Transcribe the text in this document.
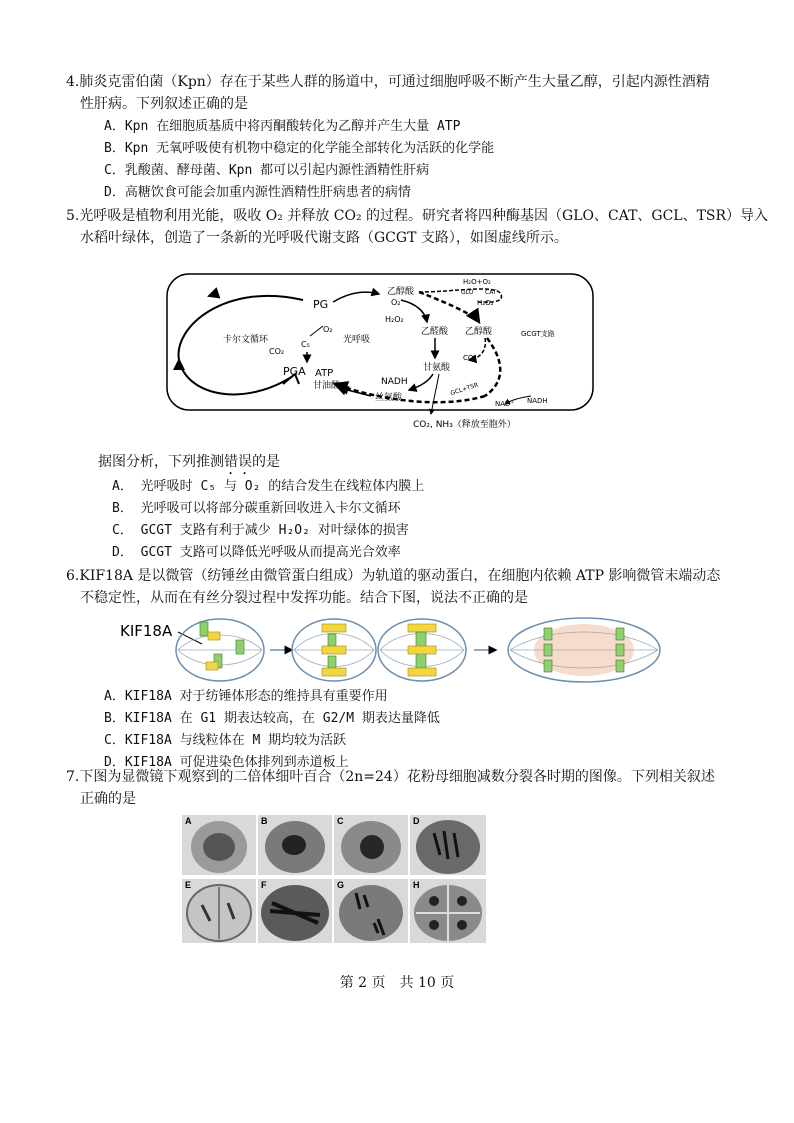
4.肺炎克雷伯菌（Kpn）存在于某些人群的肠道中，可通过细胞呼吸不断产生大量乙醇，引起内源性酒精
性肝病。下列叙述正确的是
A．Kpn 在细胞质基质中将丙酮酸转化为乙醇并产生大量 ATP
B．Kpn 无氧呼吸使有机物中稳定的化学能全部转化为活跃的化学能
C．乳酸菌、酵母菌、Kpn 都可以引起内源性酒精性肝病
D．高糖饮食可能会加重内源性酒精性肝病患者的病情
5.光呼吸是植物利用光能，吸收 O₂ 并释放 CO₂ 的过程。研究者将四种酶基因（GLO、CAT、GCL、TSR）导入
水稻叶绿体，创造了一条新的光呼吸代谢支路（GCGT 支路），如图虚线所示。
卡尔文循环
CO₂
C₅
PG
O₂
PGA ATP
甘油酸
光呼吸
乙醇酸
O₂
H₂O₂
乙醛酸
甘氨酸
NADH
丝氨酸
CO₂, NH₃（释放至胞外）
H₂O+O₂
GLO CAT
H₂O₂
乙醇酸	GCGT支路
CO₂
GCL+TSR
NAD⁺ NADH
据图分析，下列推测错误的是
A． 光呼吸时 C₅ 与 O₂ 的结合发生在线粒体内膜上
B． 光呼吸可以将部分碳重新回收进入卡尔文循环
C． GCGT 支路有利于减少 H₂O₂ 对叶绿体的损害
D． GCGT 支路可以降低光呼吸从而提高光合效率
6.KIF18A 是以微管（纺锤丝由微管蛋白组成）为轨道的驱动蛋白，在细胞内依赖 ATP 影响微管末端动态
不稳定性，从而在有丝分裂过程中发挥功能。结合下图，说法不正确的是
KIF18A
A．KIF18A 对于纺锤体形态的维持具有重要作用
B．KIF18A 在 G1 期表达较高，在 G2/M 期表达量降低
C．KIF18A 与线粒体在 M 期均较为活跃
D．KIF18A 可促进染色体排列到赤道板上
7.下图为显微镜下观察到的二倍体细叶百合（2n=24）花粉母细胞减数分裂各时期的图像。下列相关叙述
正确的是
A	B	C	D
E	F	G	H
第 2 页　共 10 页
